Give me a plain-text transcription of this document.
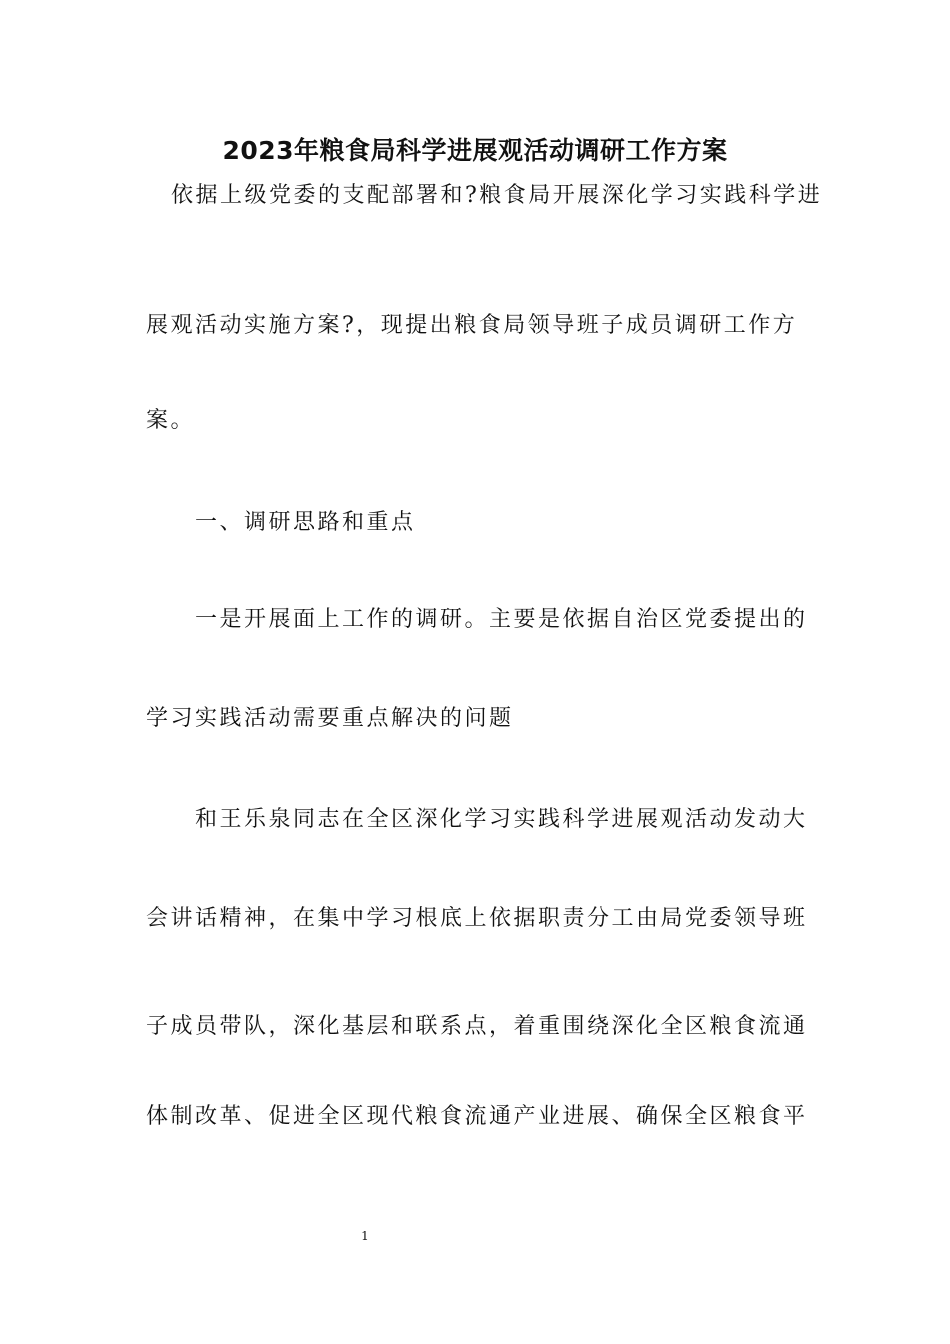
2023年粮食局科学进展观活动调研工作方案
依据上级党委的支配部署和?粮食局开展深化学习实践科学进
展观活动实施方案?，现提出粮食局领导班子成员调研工作方
案。
一、调研思路和重点
一是开展面上工作的调研。主要是依据自治区党委提出的
学习实践活动需要重点解决的问题
和王乐泉同志在全区深化学习实践科学进展观活动发动大
会讲话精神，在集中学习根底上依据职责分工由局党委领导班
子成员带队，深化基层和联系点，着重围绕深化全区粮食流通
体制改革、促进全区现代粮食流通产业进展、确保全区粮食平
1
